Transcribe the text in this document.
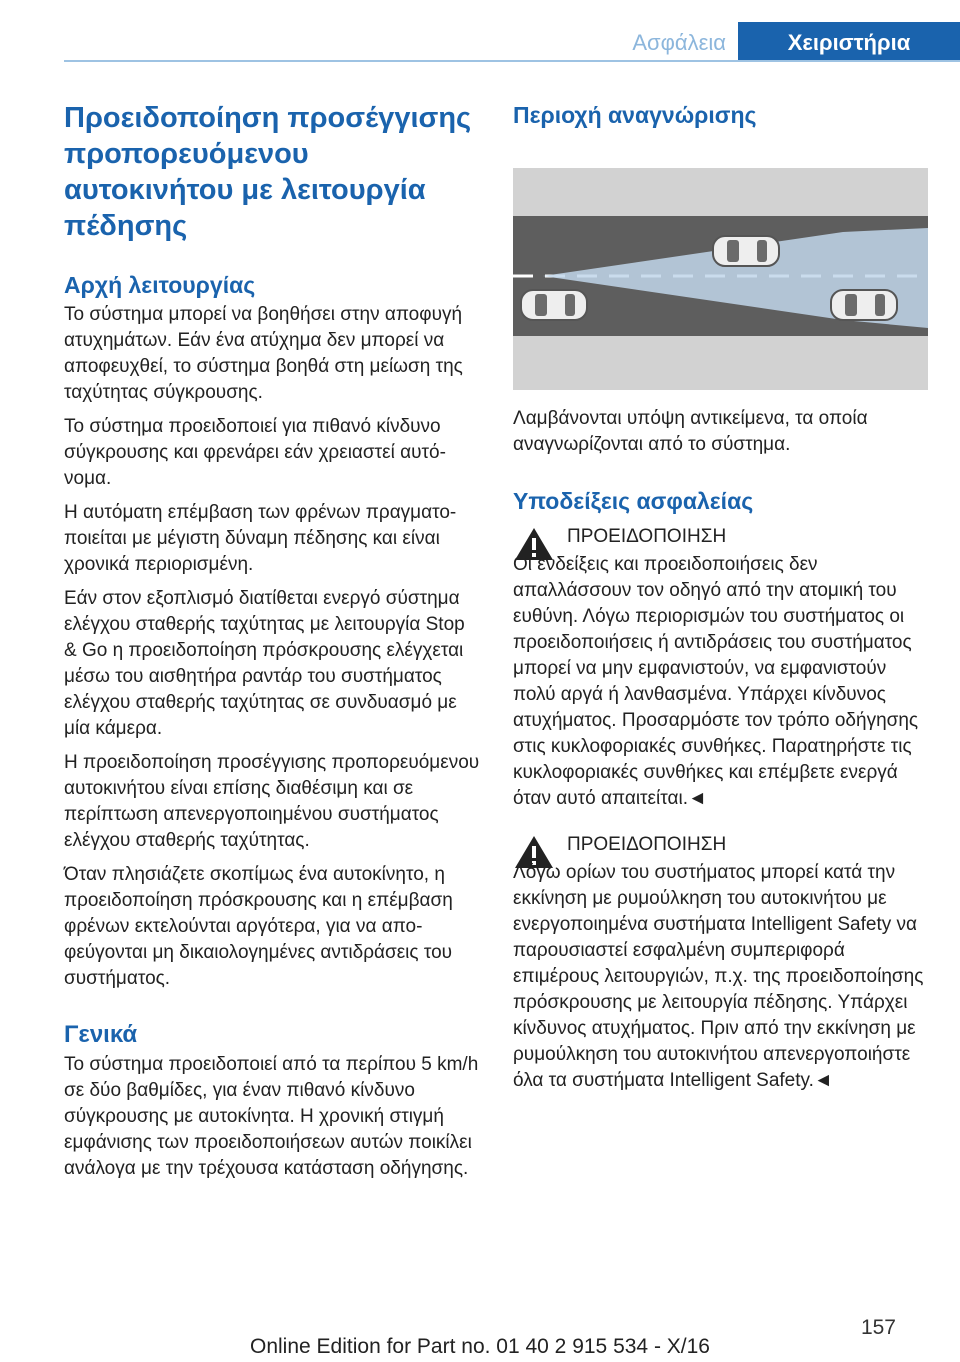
Ασφάλεια	Χειριστήρια
Προειδοποίηση προσέγγισης προπορευόμενου αυτοκινήτου με λειτουργία πέδησης
Αρχή λειτουργίας

Το σύστημα μπορεί να βοηθήσει στην αποφυγή ατυχημάτων. Εάν ένα ατύχημα δεν μπορεί να αποφευχθεί, το σύστημα βοηθά στη μείωση της ταχύτητας σύγκρουσης.

Το σύστημα προειδοποιεί για πιθανό κίνδυνο σύγκρουσης και φρενάρει εάν χρειαστεί αυτόνομα.

Η αυτόματη επέμβαση των φρένων πραγματοποιείται με μέγιστη δύναμη πέδησης και είναι χρονικά περιορισμένη.

Εάν στον εξοπλισμό διατίθεται ενεργό σύστημα ελέγχου σταθερής ταχύτητας με λειτουργία Stop & Go η προειδοποίηση πρόσκρουσης ελέγχεται μέσω του αισθητήρα ραντάρ του συστήματος ελέγχου σταθερής ταχύτητας σε συνδυασμό με μία κάμερα.

Η προειδοποίηση προσέγγισης προπορευόμενου αυτοκινήτου είναι επίσης διαθέσιμη και σε περίπτωση απενεργοποιημένου συστήματος ελέγχου σταθερής ταχύτητας.

Όταν πλησιάζετε σκοπίμως ένα αυτοκίνητο, η προειδοποίηση πρόσκρουσης και η επέμβαση φρένων εκτελούνται αργότερα, για να αποφεύγονται μη δικαιολογημένες αντιδράσεις του συστήματος.

Γενικά

Το σύστημα προειδοποιεί από τα περίπου 5 km/h σε δύο βαθμίδες, για έναν πιθανό κίνδυνο σύγκρουσης με αυτοκίνητα. Η χρονική στιγμή εμφάνισης των προειδοποιήσεων αυτών ποικίλει ανάλογα με την τρέχουσα κατάσταση οδήγησης.

Περιοχή αναγνώρισης

Λαμβάνονται υπόψη αντικείμενα, τα οποία αναγνωρίζονται από το σύστημα.

Υποδείξεις ασφαλείας
ΠΡΟΕΙΔΟΠΟΙΗΣΗ

Οι ενδείξεις και προειδοποιήσεις δεν απαλλάσσουν τον οδηγό από την ατομική του ευθύνη. Λόγω περιορισμών του συστήματος οι προειδοποιήσεις ή αντιδράσεις του συστήματος μπορεί να μην εμφανιστούν, να εμφανιστούν πολύ αργά ή λανθασμένα. Υπάρχει κίνδυνος ατυχήματος. Προσαρμόστε τον τρόπο οδήγησης στις κυκλοφοριακές συνθήκες. Παρατηρήστε τις κυκλοφοριακές συνθήκες και επέμβετε ενεργά όταν αυτό απαιτείται.◄

ΠΡΟΕΙΔΟΠΟΙΗΣΗ

Λόγω ορίων του συστήματος μπορεί κατά την εκκίνηση με ρυμούλκηση του αυτοκινήτου με ενεργοποιημένα συστήματα Intelligent Safety να παρουσιαστεί εσφαλμένη συμπεριφορά επιμέρους λειτουργιών, π.χ. της προειδοποίησης πρόσκρουσης με λειτουργία πέδησης. Υπάρχει κίνδυνος ατυχήματος. Πριν από την εκκίνηση με ρυμούλκηση του αυτοκινήτου απενεργοποιήστε όλα τα συστήματα Intelligent Safety.◄

157
Online Edition for Part no. 01 40 2 915 534 - X/16
